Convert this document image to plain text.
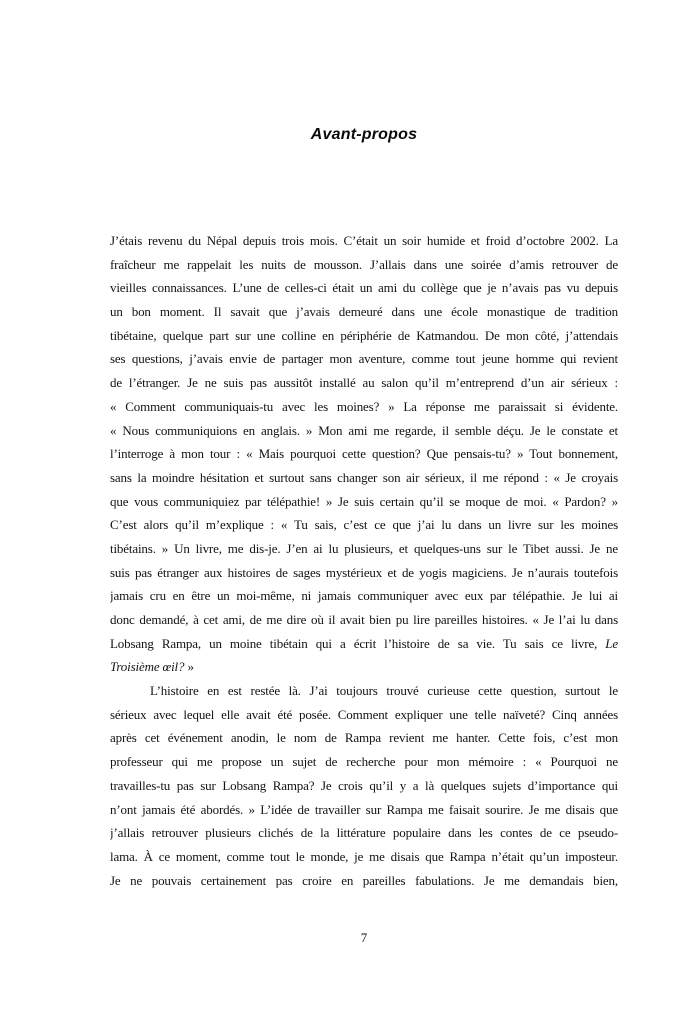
Avant-propos
J’étais revenu du Népal depuis trois mois. C’était un soir humide et froid d’octobre 2002. La
fraîcheur me rappelait les nuits de mousson. J’allais dans une soirée d’amis retrouver de
vieilles connaissances. L’une de celles-ci était un ami du collège que je n’avais pas vu depuis
un bon moment. Il savait que j’avais demeuré dans une école monastique de tradition
tibétaine, quelque part sur une colline en périphérie de Katmandou. De mon côté, j’attendais
ses questions, j’avais envie de partager mon aventure, comme tout jeune homme qui revient
de l’étranger. Je ne suis pas aussitôt installé au salon qu’il m’entreprend d’un air sérieux :
« Comment communiquais-tu avec les moines? » La réponse me paraissait si évidente.
« Nous communiquions en anglais. » Mon ami me regarde, il semble déçu. Je le constate et
l’interroge à mon tour : « Mais pourquoi cette question? Que pensais-tu? » Tout bonnement,
sans la moindre hésitation et surtout sans changer son air sérieux, il me répond : « Je croyais
que vous communiquiez par télépathie! » Je suis certain qu’il se moque de moi. « Pardon? »
C’est alors qu’il m’explique : « Tu sais, c’est ce que j’ai lu dans un livre sur les moines
tibétains. » Un livre, me dis-je. J’en ai lu plusieurs, et quelques-uns sur le Tibet aussi. Je ne
suis pas étranger aux histoires de sages mystérieux et de yogis magiciens. Je n’aurais toutefois
jamais cru en être un moi-même, ni jamais communiquer avec eux par télépathie. Je lui ai
donc demandé, à cet ami, de me dire où il avait bien pu lire pareilles histoires. « Je l’ai lu dans
Lobsang Rampa, un moine tibétain qui a écrit l’histoire de sa vie. Tu sais ce livre, Le
Troisième œil? »
L’histoire en est restée là. J’ai toujours trouvé curieuse cette question, surtout le
sérieux avec lequel elle avait été posée. Comment expliquer une telle naïveté? Cinq années
après cet événement anodin, le nom de Rampa revient me hanter. Cette fois, c’est mon
professeur qui me propose un sujet de recherche pour mon mémoire : « Pourquoi ne
travailles-tu pas sur Lobsang Rampa? Je crois qu’il y a là quelques sujets d’importance qui
n’ont jamais été abordés. » L’idée de travailler sur Rampa me faisait sourire. Je me disais que
j’allais retrouver plusieurs clichés de la littérature populaire dans les contes de ce pseudo-
lama. À ce moment, comme tout le monde, je me disais que Rampa n’était qu’un imposteur.
Je ne pouvais certainement pas croire en pareilles fabulations. Je me demandais bien,
7
